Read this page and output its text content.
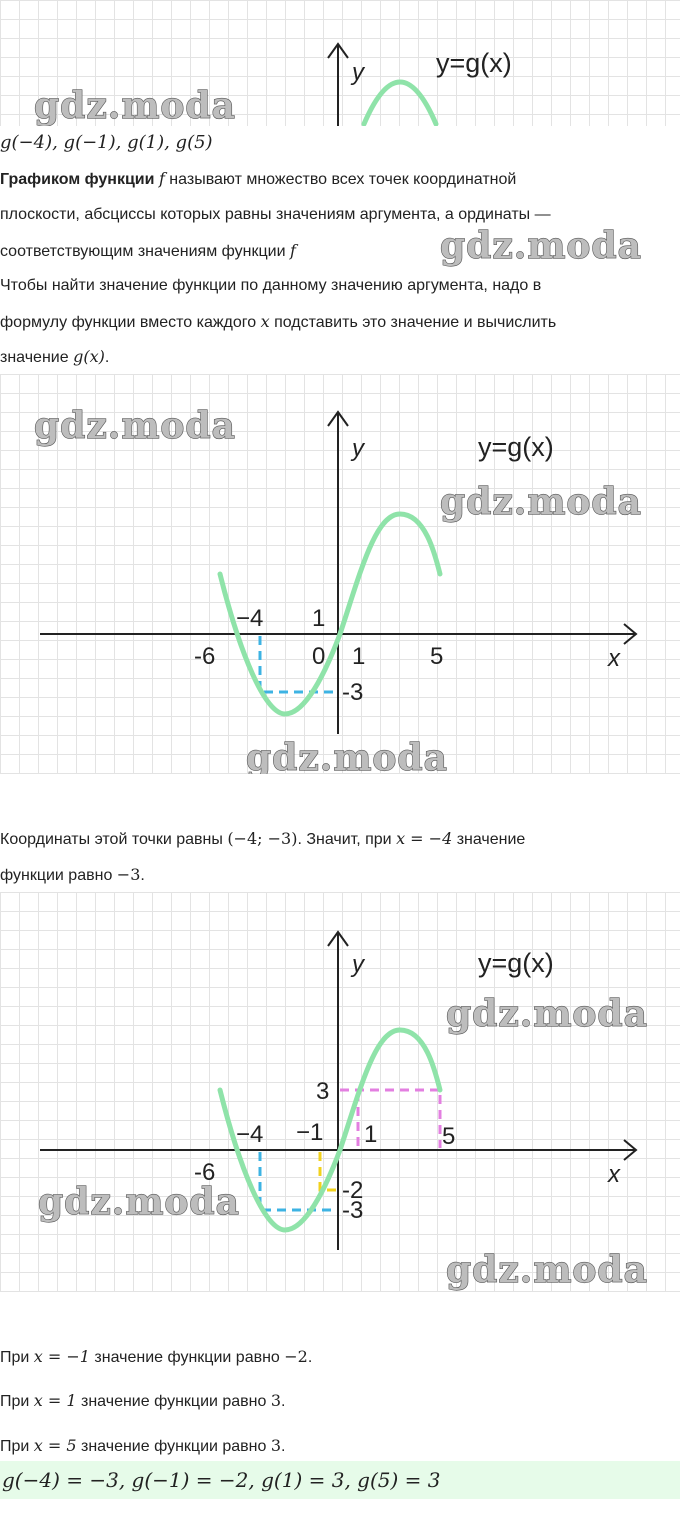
y	y=g(x)
gdz.moda
g(−4), g(−1), g(1), g(5)
Графиком функции f называют множество всех точек координатной
плоскости, абсциссы которых равны значениям аргумента, а ординаты —
соответствующим значениям функции f	gdz.moda
Чтобы найти значение функции по данному значению аргумента, надо в
формулу функции вместо каждого x подставить это значение и вычислить
значение g(x).
gdz.moda
gdz.moda
gdz.moda
y
x
y=g(x)
−4 1
-6	0 1	5
-3
Координаты этой точки равны (−4; −3). Значит, при x = −4 значение
функции равно −3.
gdz.moda
gdz.moda
gdz.moda
y
x
y=g(x)
3
−4 −1 1	5
-6
-2
-3
При x = −1 значение функции равно −2.
При x = 1 значение функции равно 3.
При x = 5 значение функции равно 3.
g(−4) = −3, g(−1) = −2, g(1) = 3, g(5) = 3
